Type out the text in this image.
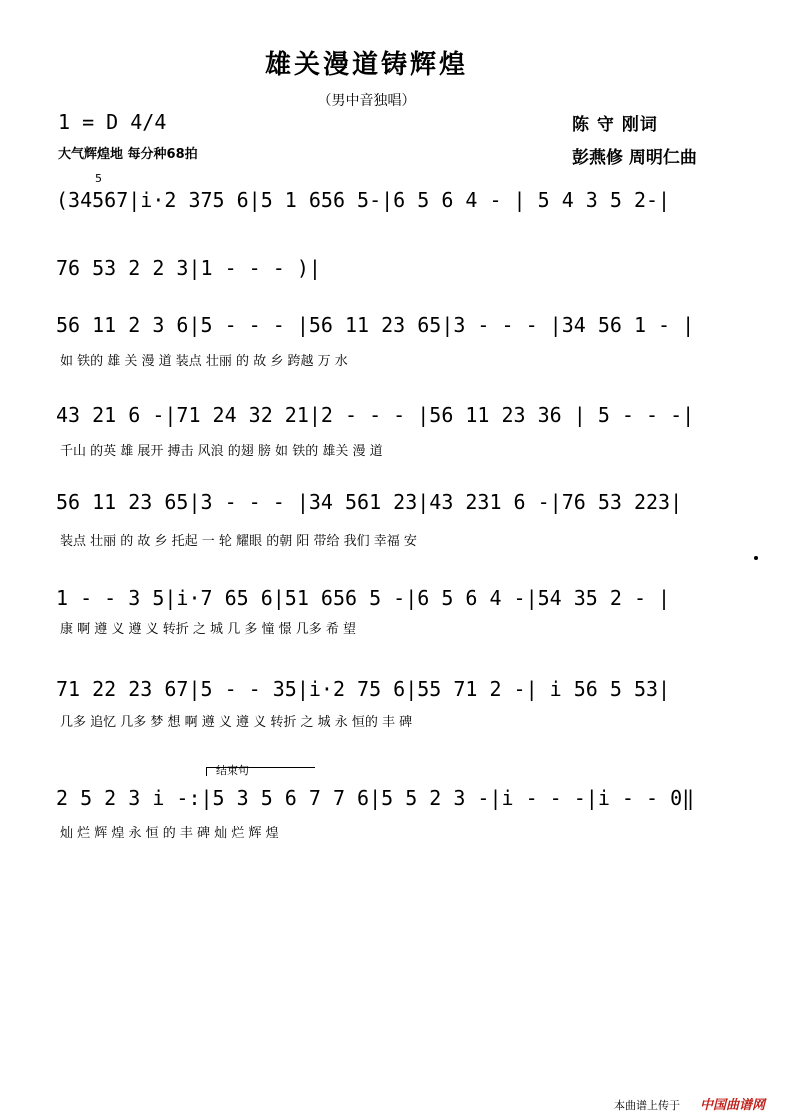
雄关漫道铸辉煌
（男中音独唱）
1 = D 4/4
大气辉煌地 每分种68拍
陈 守 刚词
彭燕修 周明仁曲
5
(34567|i·2 375 6|5 1 656 5-|6 5 6 4 - | 5 4 3 5 2-|
76 53 2 2 3|1 - - - )|
56 11 2 3 6|5 - - - |56 11 23 65|3 - - - |34 56 1 - |
如 铁的 雄 关 漫 道 装点 壮丽 的 故 乡 跨越 万 水
43 21 6 -|71 24 32 21|2 - - - |56 11 23 36 | 5 - - -|
千山 的英 雄 展开 搏击 风浪 的翅 膀 如 铁的 雄关 漫 道
56 11 23 65|3 - - - |34 561 23|43 231 6 -|76 53 223|
装点 壮丽 的 故 乡 托起 一 轮 耀眼 的朝 阳 带给 我们 幸福 安
1 - - 3 5|i·7 65 6|51 656 5 -|6 5 6 4 -|54 35 2 - |
康 啊 遵 义 遵 义 转折 之 城 几 多 憧 憬 几多 希 望
71 22 23 67|5 - - 35|i·2 75 6|55 71 2 -| i 56 5 53|
几多 追忆 几多 梦 想 啊 遵 义 遵 义 转折 之 城 永 恒的 丰 碑
结束句
2 5 2 3 i -:|5 3 5 6 7 7 6|5 5 2 3 -|i - - -|i - - 0‖
灿 烂 辉 煌 永 恒 的 丰 碑 灿 烂 辉 煌
本曲谱上传于 中国曲谱网
